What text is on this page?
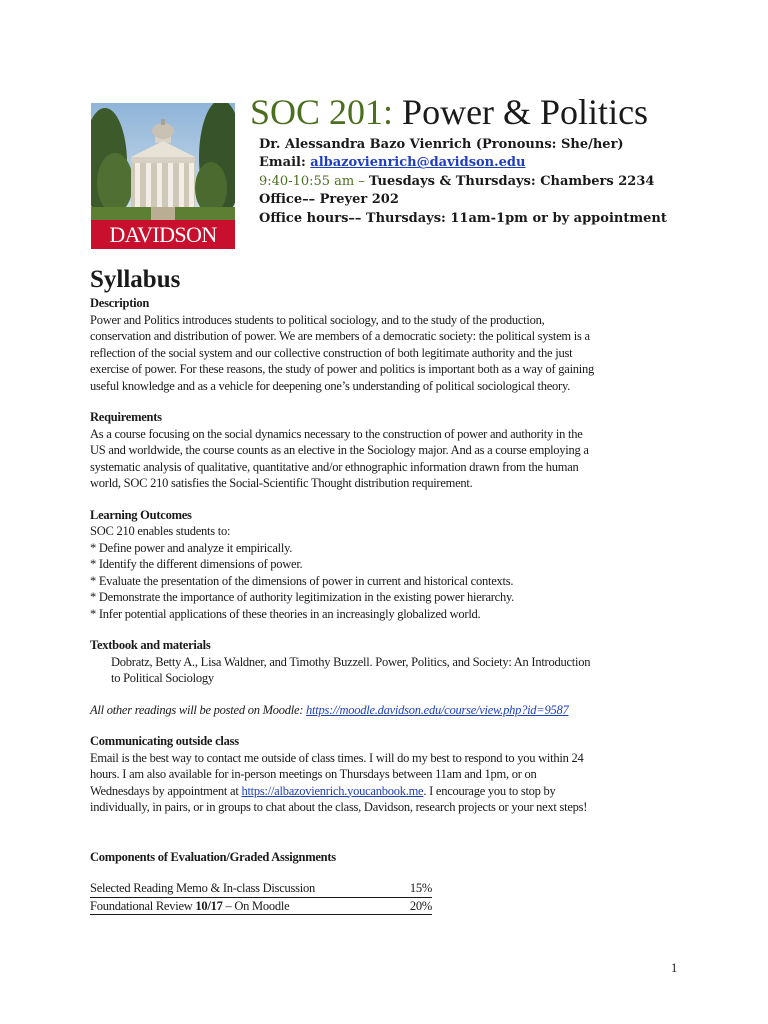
DAVIDSON
SOC 201: Power & Politics
Dr. Alessandra Bazo Vienrich (Pronouns: She/her)
Email: albazovienrich@davidson.edu
9:40-10:55 am – Tuesdays & Thursdays: Chambers 2234
Office–– Preyer 202
Office hours–– Thursdays: 11am-1pm or by appointment
Syllabus
Description
Power and Politics introduces students to political sociology, and to the study of the production,
conservation and distribution of power. We are members of a democratic society: the political system is a
reflection of the social system and our collective construction of both legitimate authority and the just
exercise of power. For these reasons, the study of power and politics is important both as a way of gaining
useful knowledge and as a vehicle for deepening one’s understanding of political sociological theory.
Requirements
As a course focusing on the social dynamics necessary to the construction of power and authority in the
US and worldwide, the course counts as an elective in the Sociology major. And as a course employing a
systematic analysis of qualitative, quantitative and/or ethnographic information drawn from the human
world, SOC 210 satisfies the Social-Scientific Thought distribution requirement.
Learning Outcomes
SOC 210 enables students to:
* Define power and analyze it empirically.
* Identify the different dimensions of power.
* Evaluate the presentation of the dimensions of power in current and historical contexts.
* Demonstrate the importance of authority legitimization in the existing power hierarchy.
* Infer potential applications of these theories in an increasingly globalized world.
Textbook and materials
Dobratz, Betty A., Lisa Waldner, and Timothy Buzzell. Power, Politics, and Society: An Introduction
to Political Sociology
All other readings will be posted on Moodle: https://moodle.davidson.edu/course/view.php?id=9587
Communicating outside class
Email is the best way to contact me outside of class times. I will do my best to respond to you within 24
hours. I am also available for in-person meetings on Thursdays between 11am and 1pm, or on
Wednesdays by appointment at https://albazovienrich.youcanbook.me. I encourage you to stop by
individually, in pairs, or in groups to chat about the class, Davidson, research projects or your next steps!
Components of Evaluation/Graded Assignments
Selected Reading Memo & In-class Discussion	15%
Foundational Review 10/17 – On Moodle	20%
1
